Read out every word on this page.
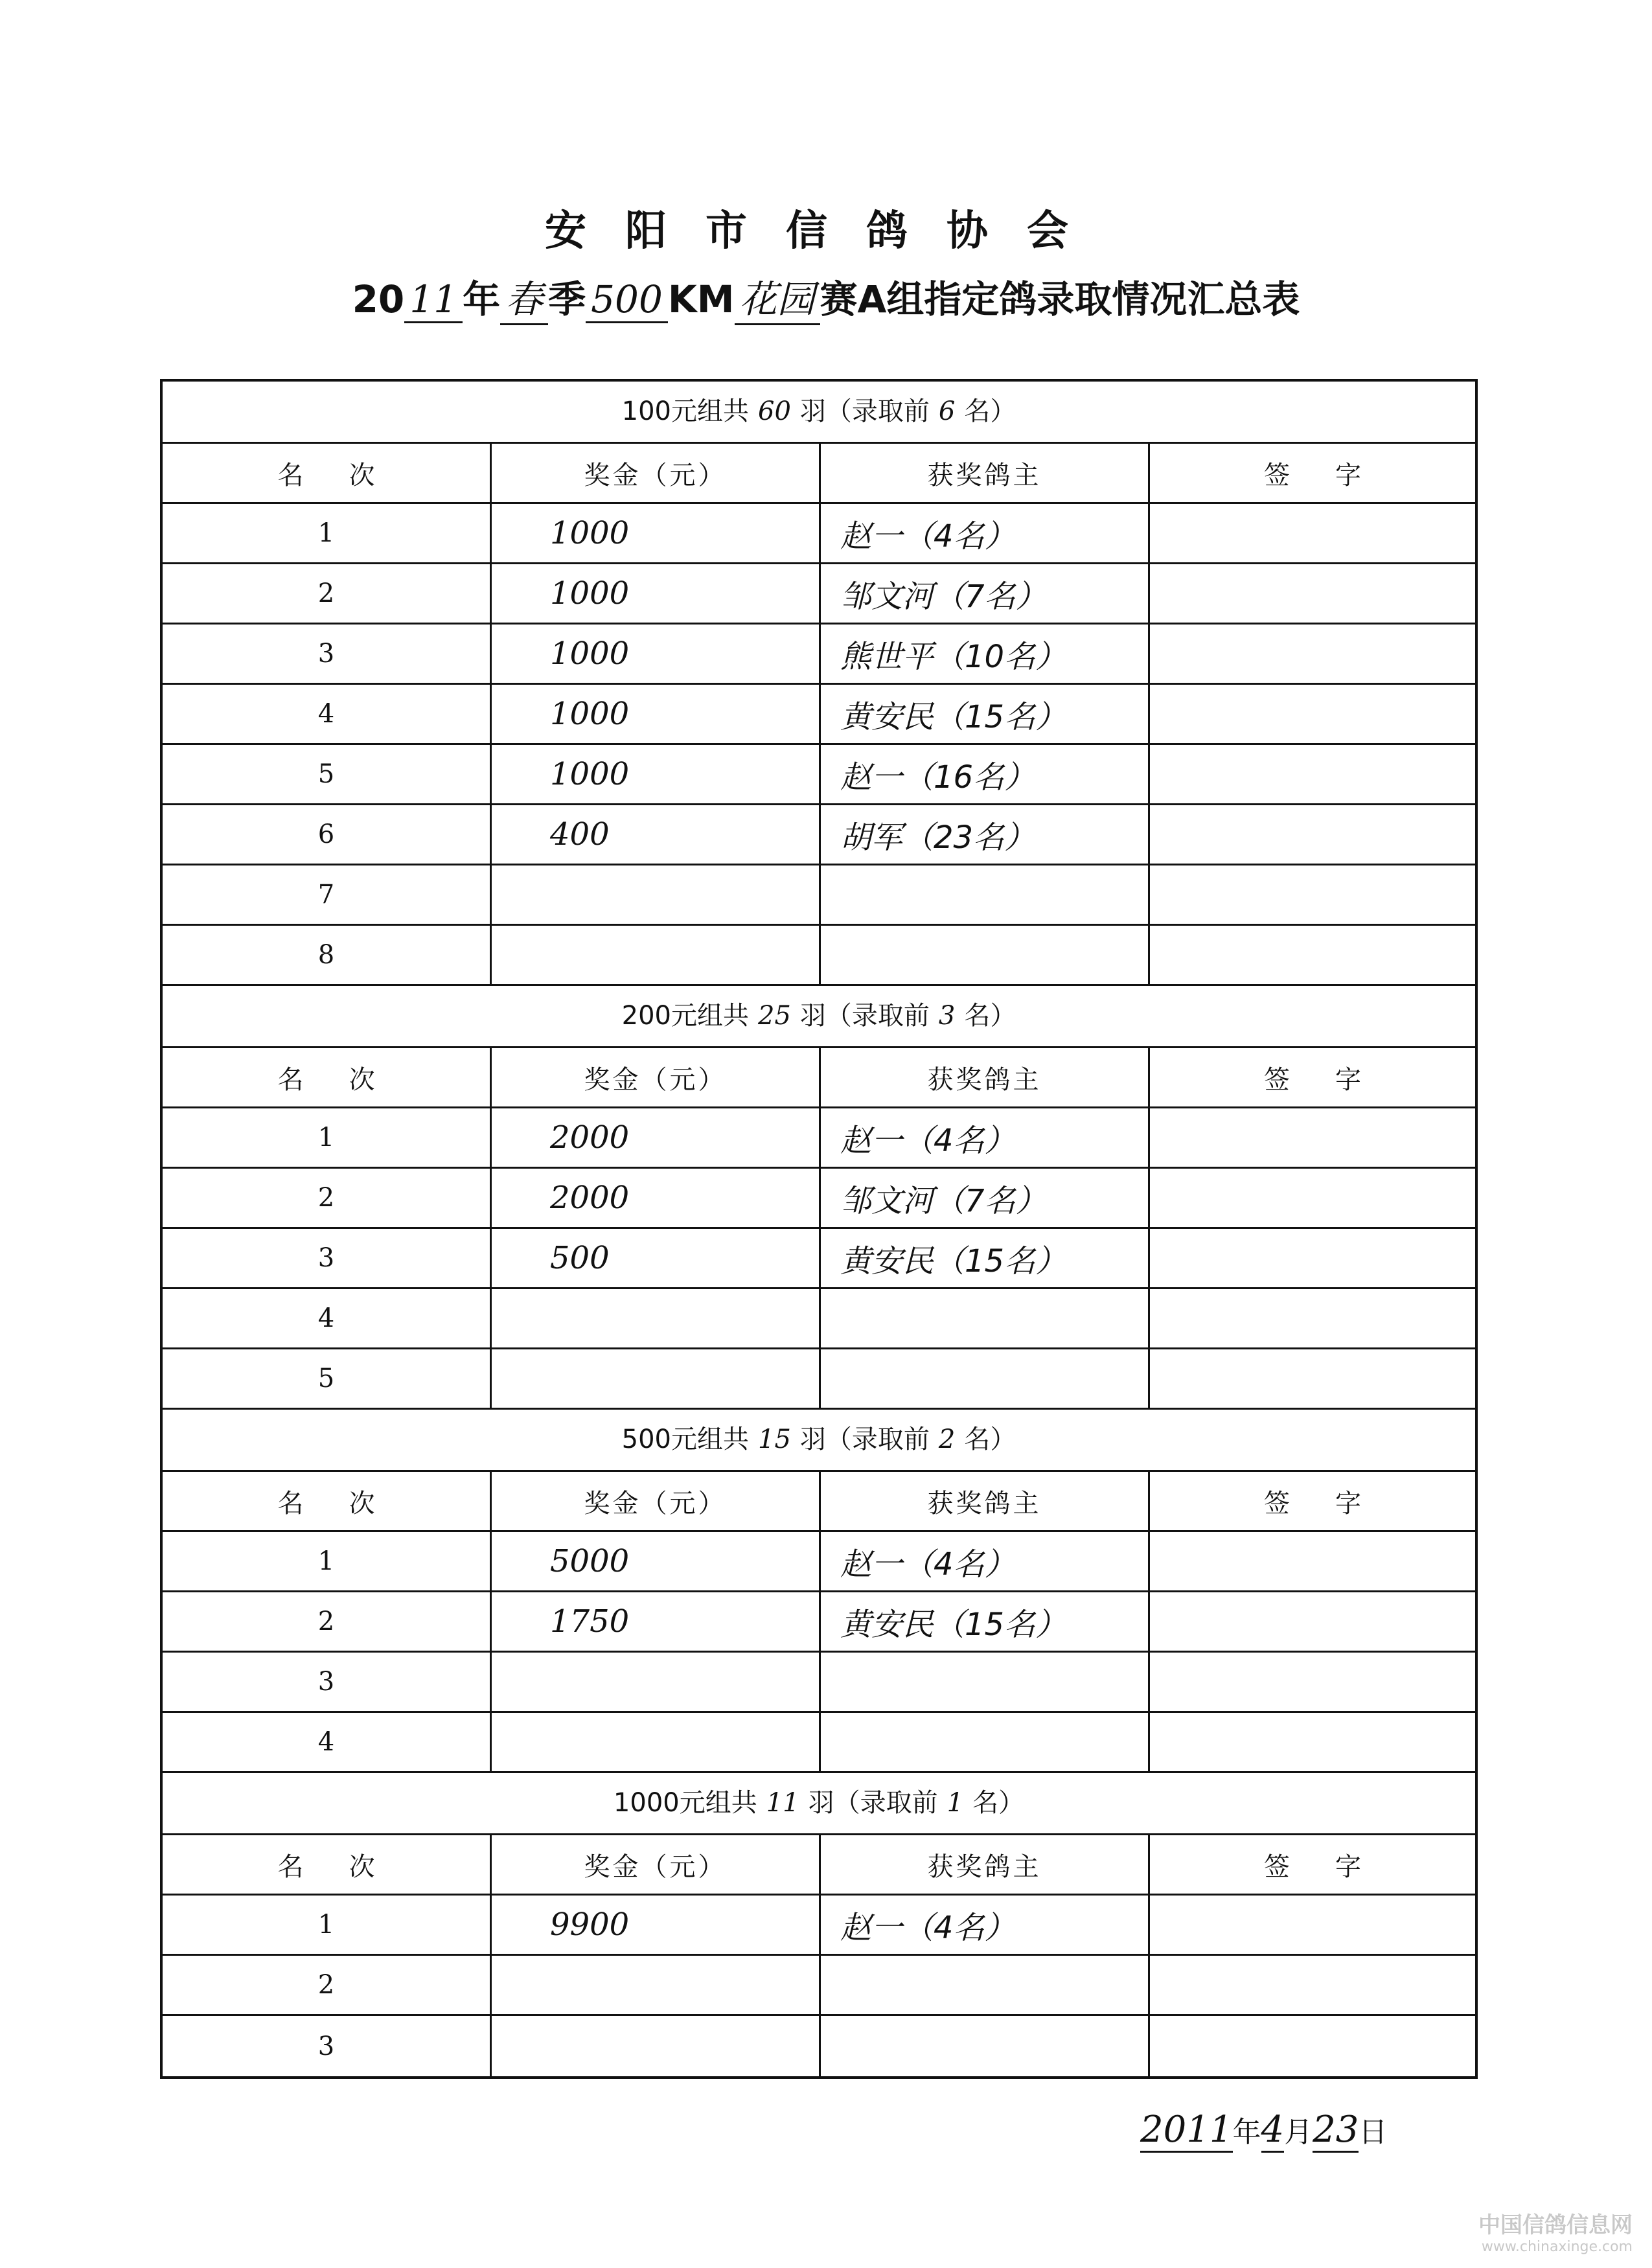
安阳市信鸽协会
20 11 年 春 季 500 KM 花园 赛A组指定鸽录取情况汇总表
100元组共 60 羽（录取前 6 名）
名次	奖金（元）	获奖鸽主	签字
1	1000	赵一（4名）
2	1000	邹文河（7名）
3	1000	熊世平（10名）
4	1000	黄安民（15名）
5	1000	赵一（16名）
6	400	胡军（23名）
7
8
200元组共 25 羽（录取前 3 名）
名次	奖金（元）	获奖鸽主	签字
1	2000	赵一（4名）
2	2000	邹文河（7名）
3	500	黄安民（15名）
4
5
500元组共 15 羽（录取前 2 名）
名次	奖金（元）	获奖鸽主	签字
1	5000	赵一（4名）
2	1750	黄安民（15名）
3
4
1000元组共 11 羽（录取前 1 名）
名次	奖金（元）	获奖鸽主	签字
1	9900	赵一（4名）
2
3
2011年4月23日
中国信鸽信息网
www.chinaxinge.com
